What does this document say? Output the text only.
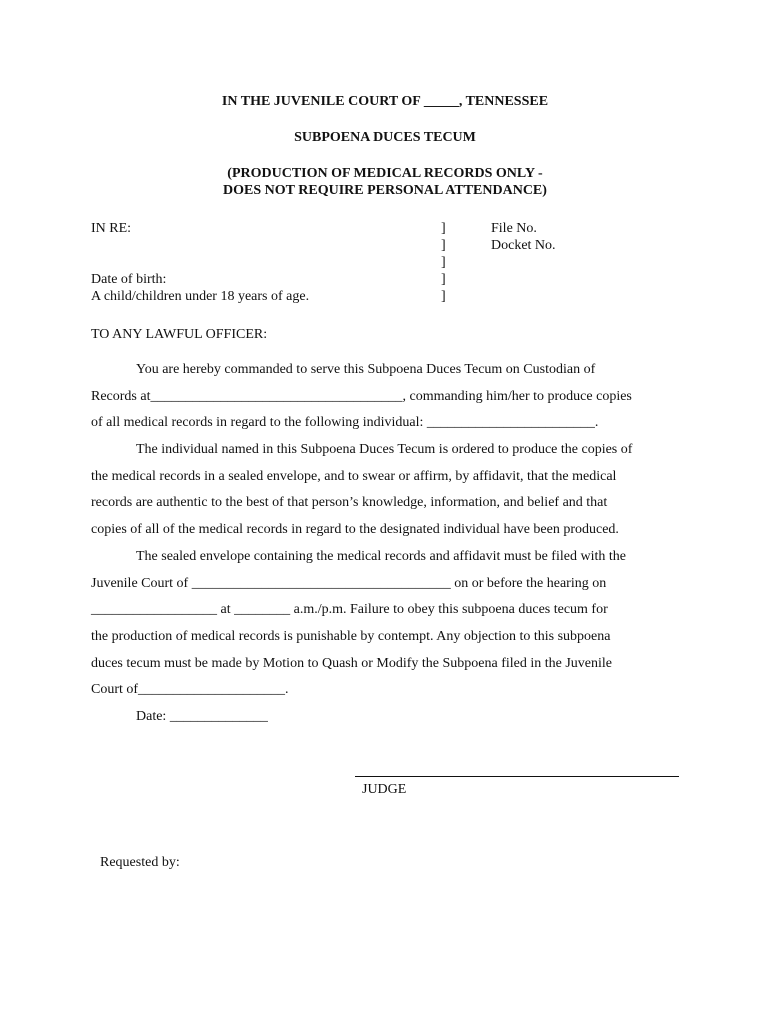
IN THE JUVENILE COURT OF _____, TENNESSEE
SUBPOENA DUCES TECUM
(PRODUCTION OF MEDICAL RECORDS ONLY -
DOES NOT REQUIRE PERSONAL ATTENDANCE)
IN RE:
Date of birth:
A child/children under 18 years of age.
]
]
]
]
]
File No.
Docket No.
TO ANY LAWFUL OFFICER:
You are hereby commanded to serve this Subpoena Duces Tecum on Custodian of
Records at____________________________________, commanding him/her to produce copies
of all medical records in regard to the following individual: ________________________.
The individual named in this Subpoena Duces Tecum is ordered to produce the copies of
the medical records in a sealed envelope, and to swear or affirm, by affidavit, that the medical
records are authentic to the best of that person’s knowledge, information, and belief and that
copies of all of the medical records in regard to the designated individual have been produced.
The sealed envelope containing the medical records and affidavit must be filed with the
Juvenile Court of _____________________________________ on or before the hearing on
__________________ at ________ a.m./p.m. Failure to obey this subpoena duces tecum for
the production of medical records is punishable by contempt. Any objection to this subpoena
duces tecum must be made by Motion to Quash or Modify the Subpoena filed in the Juvenile
Court of_____________________.
Date: ______________
JUDGE
Requested by:
